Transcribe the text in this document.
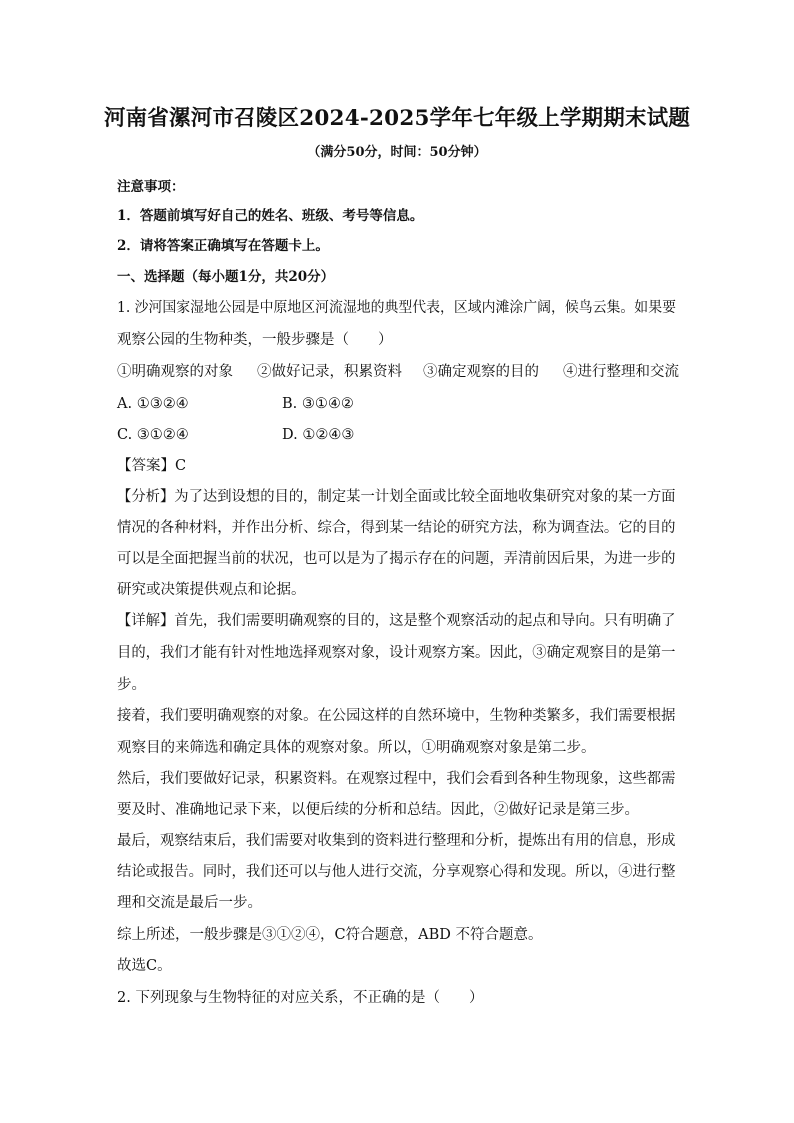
河南省漯河市召陵区2024-2025学年七年级上学期期末试题
（满分50分，时间：50分钟）
注意事项：
1．答题前填写好自己的姓名、班级、考号等信息。
2．请将答案正确填写在答题卡上。
一、选择题（每小题1分，共20分）
1. 沙河国家湿地公园是中原地区河流湿地的典型代表，区域内滩涂广阔，候鸟云集。如果要
观察公园的生物种类，一般步骤是（　　）
①明确观察的对象 ②做好记录，积累资料 ③确定观察的目的 ④进行整理和交流
A. ①③②④	B. ③①④②
C. ③①②④	D. ①②④③
【答案】C
【分析】为了达到设想的目的，制定某一计划全面或比较全面地收集研究对象的某一方面
情况的各种材料，并作出分析、综合，得到某一结论的研究方法，称为调查法。它的目的
可以是全面把握当前的状况，也可以是为了揭示存在的问题，弄清前因后果，为进一步的
研究或决策提供观点和论据。
【详解】首先，我们需要明确观察的目的，这是整个观察活动的起点和导向。只有明确了
目的，我们才能有针对性地选择观察对象，设计观察方案。因此，③确定观察目的是第一
步。
接着，我们要明确观察的对象。在公园这样的自然环境中，生物种类繁多，我们需要根据
观察目的来筛选和确定具体的观察对象。所以，①明确观察对象是第二步。
然后，我们要做好记录，积累资料。在观察过程中，我们会看到各种生物现象，这些都需
要及时、准确地记录下来，以便后续的分析和总结。因此，②做好记录是第三步。
最后，观察结束后，我们需要对收集到的资料进行整理和分析，提炼出有用的信息，形成
结论或报告。同时，我们还可以与他人进行交流，分享观察心得和发现。所以，④进行整
理和交流是最后一步。
综上所述，一般步骤是③①②④，C符合题意，ABD 不符合题意。
故选C。
2. 下列现象与生物特征的对应关系，不正确的是（　　）
